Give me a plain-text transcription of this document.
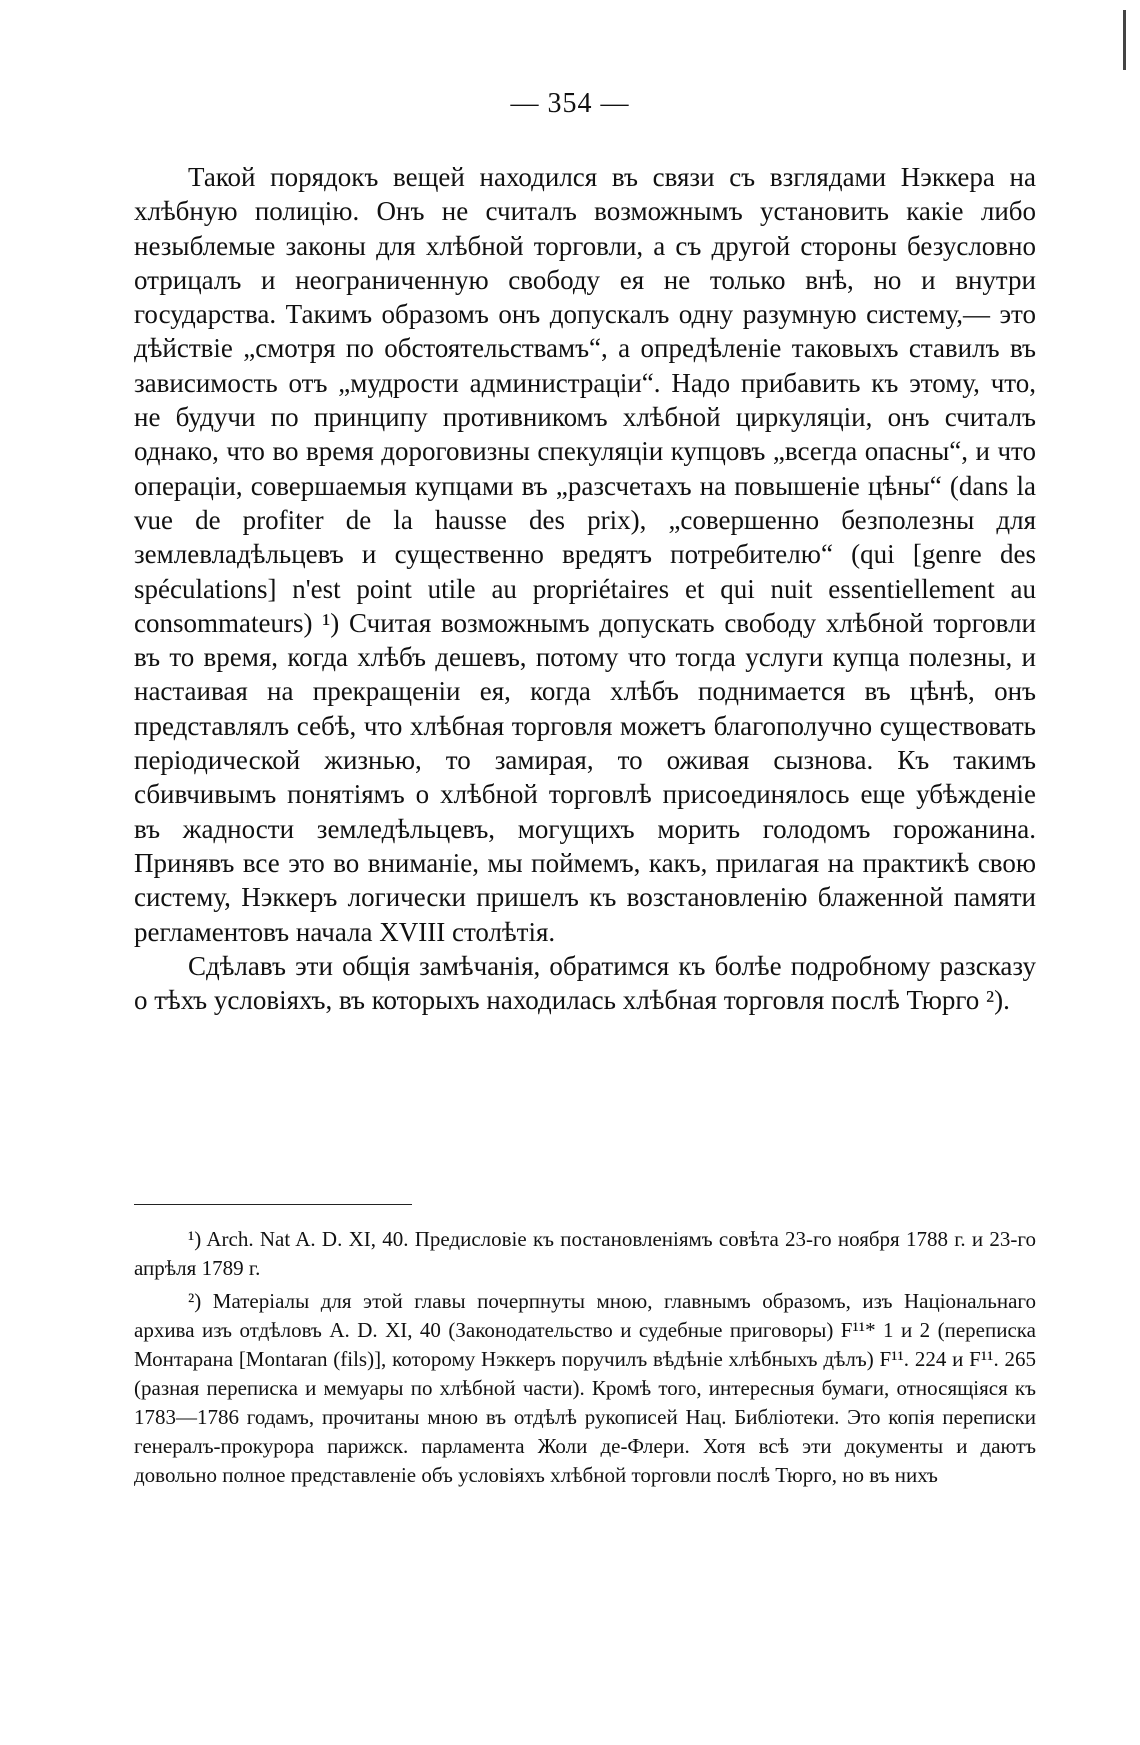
— 354 —

Такой порядокъ вещей находился въ связи съ взглядами Нэккера на хлѣбную полицію. Онъ не считалъ возможнымъ установить какіе либо незыблемые законы для хлѣбной торговли, а съ другой стороны безусловно отрицалъ и неограниченную свободу ея не только внѣ, но и внутри государства. Такимъ образомъ онъ допускалъ одну разумную систему,— это дѣйствіе „смотря по обстоятельствамъ“, а опредѣленіе таковыхъ ставилъ въ зависимость отъ „мудрости администраціи“. Надо прибавить къ этому, что, не будучи по принципу противникомъ хлѣбной циркуляціи, онъ считалъ однако, что во время дороговизны спекуляціи купцовъ „всегда опасны“, и что операціи, совершаемыя купцами въ „разсчетахъ на повышеніе цѣны“ (dans la vue de profiter de la hausse des prix), „совершенно безполезны для землевладѣльцевъ и существенно вредятъ потребителю“ (qui [genre des spéculations] n'est point utile au propriétaires et qui nuit essentiellement au consommateurs) ¹) Считая возможнымъ допускать свободу хлѣбной торговли въ то время, когда хлѣбъ дешевъ, потому что тогда услуги купца полезны, и настаивая на прекращеніи ея, когда хлѣбъ поднимается въ цѣнѣ, онъ представлялъ себѣ, что хлѣбная торговля можетъ благополучно существовать періодической жизнью, то замирая, то оживая сызнова. Къ такимъ сбивчивымъ понятіямъ о хлѣбной торговлѣ присоединялось еще убѣжденіе въ жадности земледѣльцевъ, могущихъ морить голодомъ горожанина. Принявъ все это во вниманіе, мы поймемъ, какъ, прилагая на практикѣ свою систему, Нэккеръ логически пришелъ къ возстановленію блаженной памяти регламентовъ начала XVIII столѣтія.

Сдѣлавъ эти общія замѣчанія, обратимся къ болѣе подробному разсказу о тѣхъ условіяхъ, въ которыхъ находилась хлѣбная торговля послѣ Тюрго ²).

¹) Arch. Nat A. D. XI, 40. Предисловіе къ постановленіямъ совѣта 23-го ноября 1788 г. и 23-го апрѣля 1789 г.

²) Матеріалы для этой главы почерпнуты мною, главнымъ образомъ, изъ Національнаго архива изъ отдѣловъ A. D. XI, 40 (Законодательство и судебные приговоры) F¹¹* 1 и 2 (переписка Монтарана [Montaran (fils)], которому Нэккеръ поручилъ вѣдѣніе хлѣбныхъ дѣлъ) F¹¹. 224 и F¹¹. 265 (разная переписка и мемуары по хлѣбной части). Кромѣ того, интересныя бумаги, относящіяся къ 1783—1786 годамъ, прочитаны мною въ отдѣлѣ рукописей Нац. Библіотеки. Это копія переписки генералъ-прокурора парижск. парламента Жоли де-Флери. Хотя всѣ эти документы и даютъ довольно полное представленіе объ условіяхъ хлѣбной торговли послѣ Тюрго, но въ нихъ
